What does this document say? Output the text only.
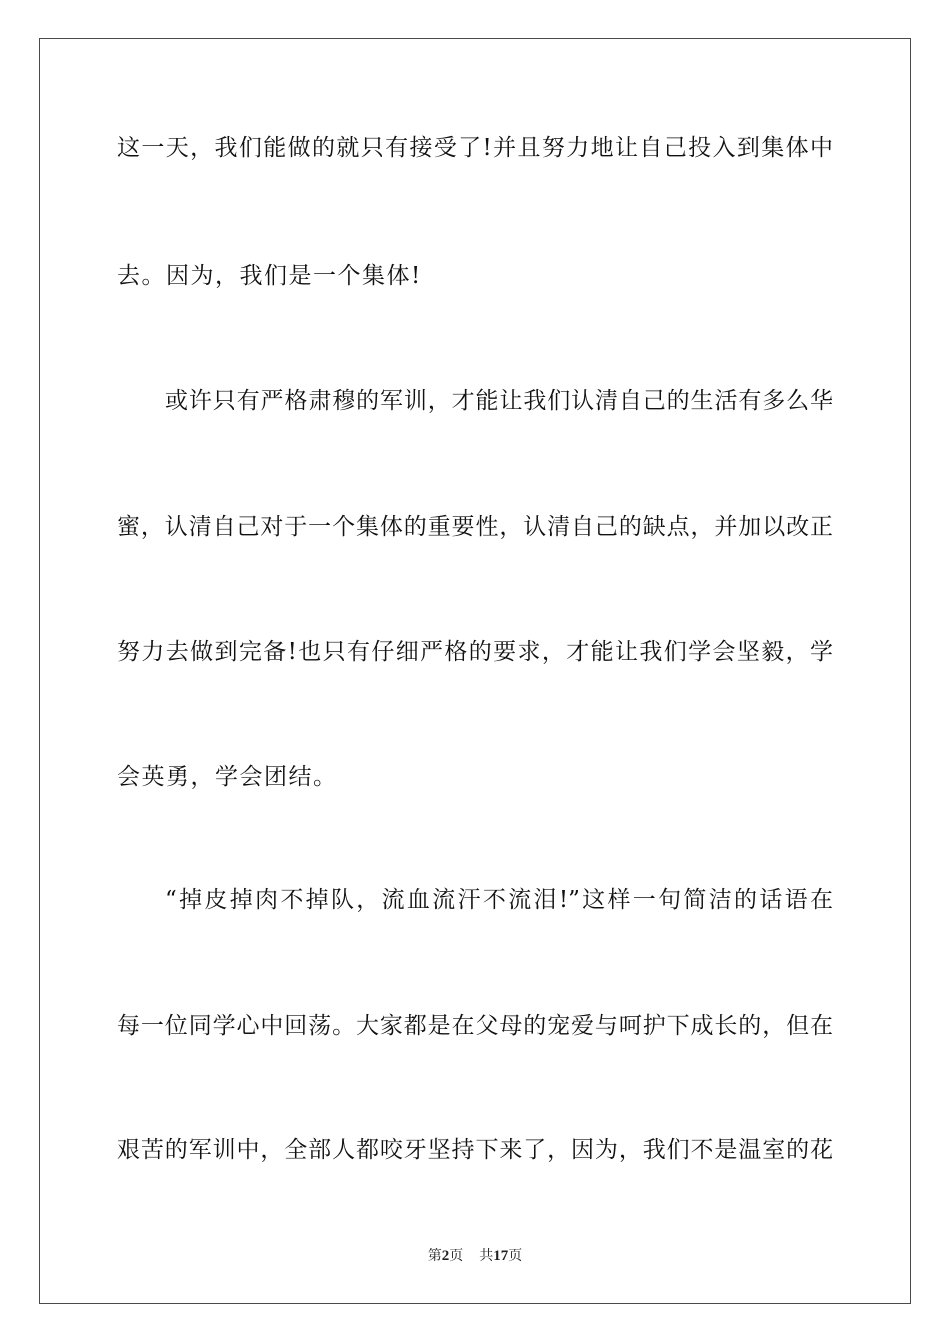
这一天，我们能做的就只有接受了!并且努力地让自己投入到集体中
去。因为，我们是一个集体!
或许只有严格肃穆的军训，才能让我们认清自己的生活有多么华
蜜，认清自己对于一个集体的重要性，认清自己的缺点，并加以改正
努力去做到完备!也只有仔细严格的要求，才能让我们学会坚毅，学
会英勇，学会团结。
“掉皮掉肉不掉队，流血流汗不流泪!”这样一句简洁的话语在
每一位同学心中回荡。大家都是在父母的宠爱与呵护下成长的，但在
艰苦的军训中，全部人都咬牙坚持下来了，因为，我们不是温室的花
第2页 共17页
